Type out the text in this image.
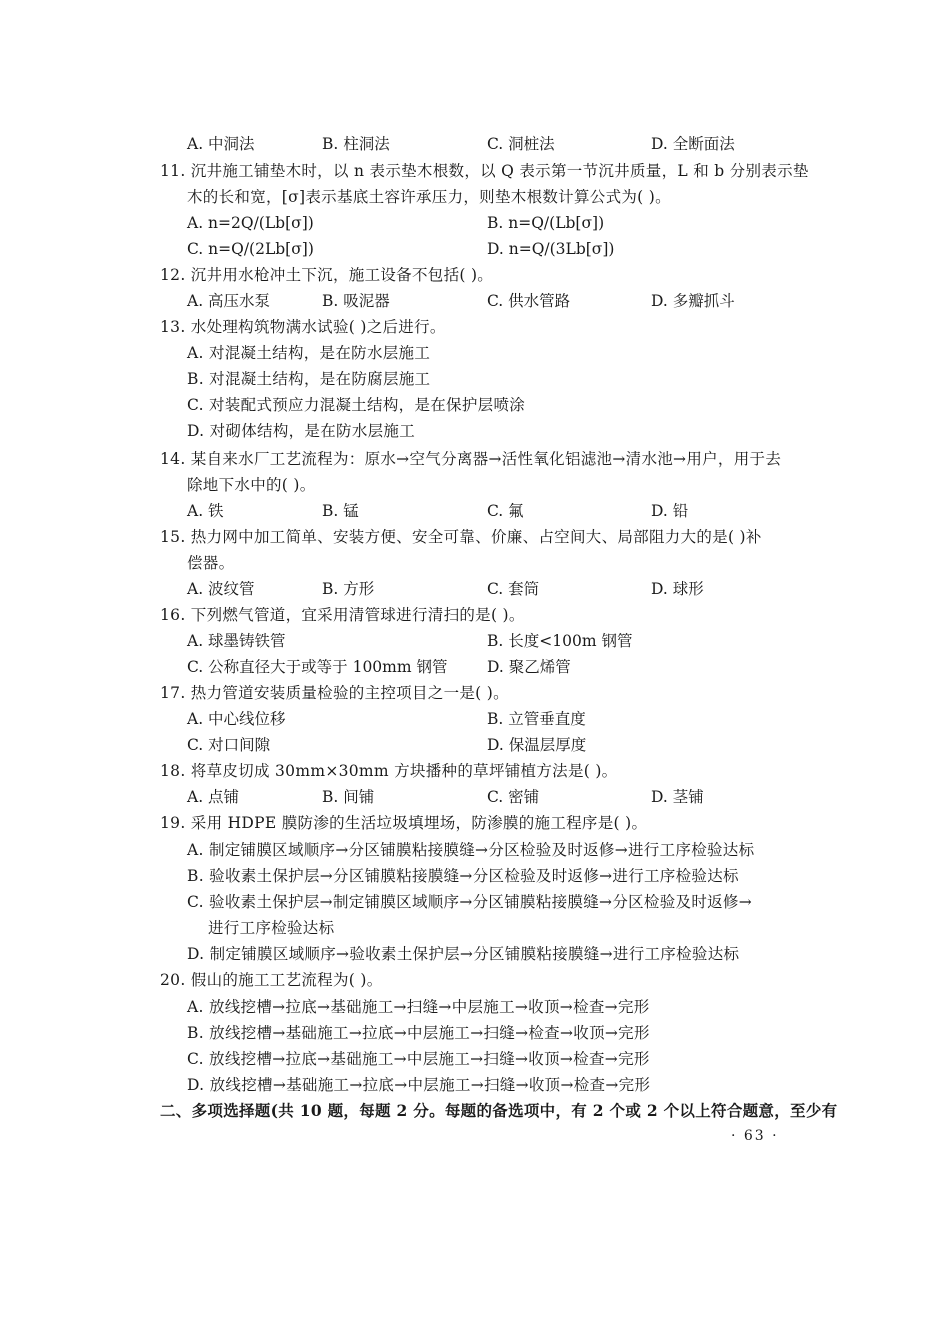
A. 中洞法	B. 柱洞法	C. 洞桩法	D. 全断面法
11. 沉井施工铺垫木时，以 n 表示垫木根数，以 Q 表示第一节沉井质量，L 和 b 分别表示垫
木的长和宽，[σ]表示基底土容许承压力，则垫木根数计算公式为( )。
A. n=2Q/(Lb[σ])	B. n=Q/(Lb[σ])
C. n=Q/(2Lb[σ])	D. n=Q/(3Lb[σ])
12. 沉井用水枪冲土下沉，施工设备不包括( )。
A. 高压水泵	B. 吸泥器	C. 供水管路	D. 多瓣抓斗
13. 水处理构筑物满水试验( )之后进行。
A. 对混凝土结构，是在防水层施工
B. 对混凝土结构，是在防腐层施工
C. 对装配式预应力混凝土结构，是在保护层喷涂
D. 对砌体结构，是在防水层施工
14. 某自来水厂工艺流程为：原水→空气分离器→活性氧化铝滤池→清水池→用户，用于去
除地下水中的( )。
A. 铁	B. 锰	C. 氟	D. 铅
15. 热力网中加工简单、安装方便、安全可靠、价廉、占空间大、局部阻力大的是( )补
偿器。
A. 波纹管	B. 方形	C. 套筒	D. 球形
16. 下列燃气管道，宜采用清管球进行清扫的是( )。
A. 球墨铸铁管	B. 长度<100m 钢管
C. 公称直径大于或等于 100mm 钢管	D. 聚乙烯管
17. 热力管道安装质量检验的主控项目之一是( )。
A. 中心线位移	B. 立管垂直度
C. 对口间隙	D. 保温层厚度
18. 将草皮切成 30mm×30mm 方块播种的草坪铺植方法是( )。
A. 点铺	B. 间铺	C. 密铺	D. 茎铺
19. 采用 HDPE 膜防渗的生活垃圾填埋场，防渗膜的施工程序是( )。
A. 制定铺膜区域顺序→分区铺膜粘接膜缝→分区检验及时返修→进行工序检验达标
B. 验收素土保护层→分区铺膜粘接膜缝→分区检验及时返修→进行工序检验达标
C. 验收素土保护层→制定铺膜区域顺序→分区铺膜粘接膜缝→分区检验及时返修→
进行工序检验达标
D. 制定铺膜区域顺序→验收素土保护层→分区铺膜粘接膜缝→进行工序检验达标
20. 假山的施工工艺流程为( )。
A. 放线挖槽→拉底→基础施工→扫缝→中层施工→收顶→检查→完形
B. 放线挖槽→基础施工→拉底→中层施工→扫缝→检查→收顶→完形
C. 放线挖槽→拉底→基础施工→中层施工→扫缝→收顶→检查→完形
D. 放线挖槽→基础施工→拉底→中层施工→扫缝→收顶→检查→完形
二、多项选择题(共 10 题，每题 2 分。每题的备选项中，有 2 个或 2 个以上符合题意，至少有
· 63 ·
